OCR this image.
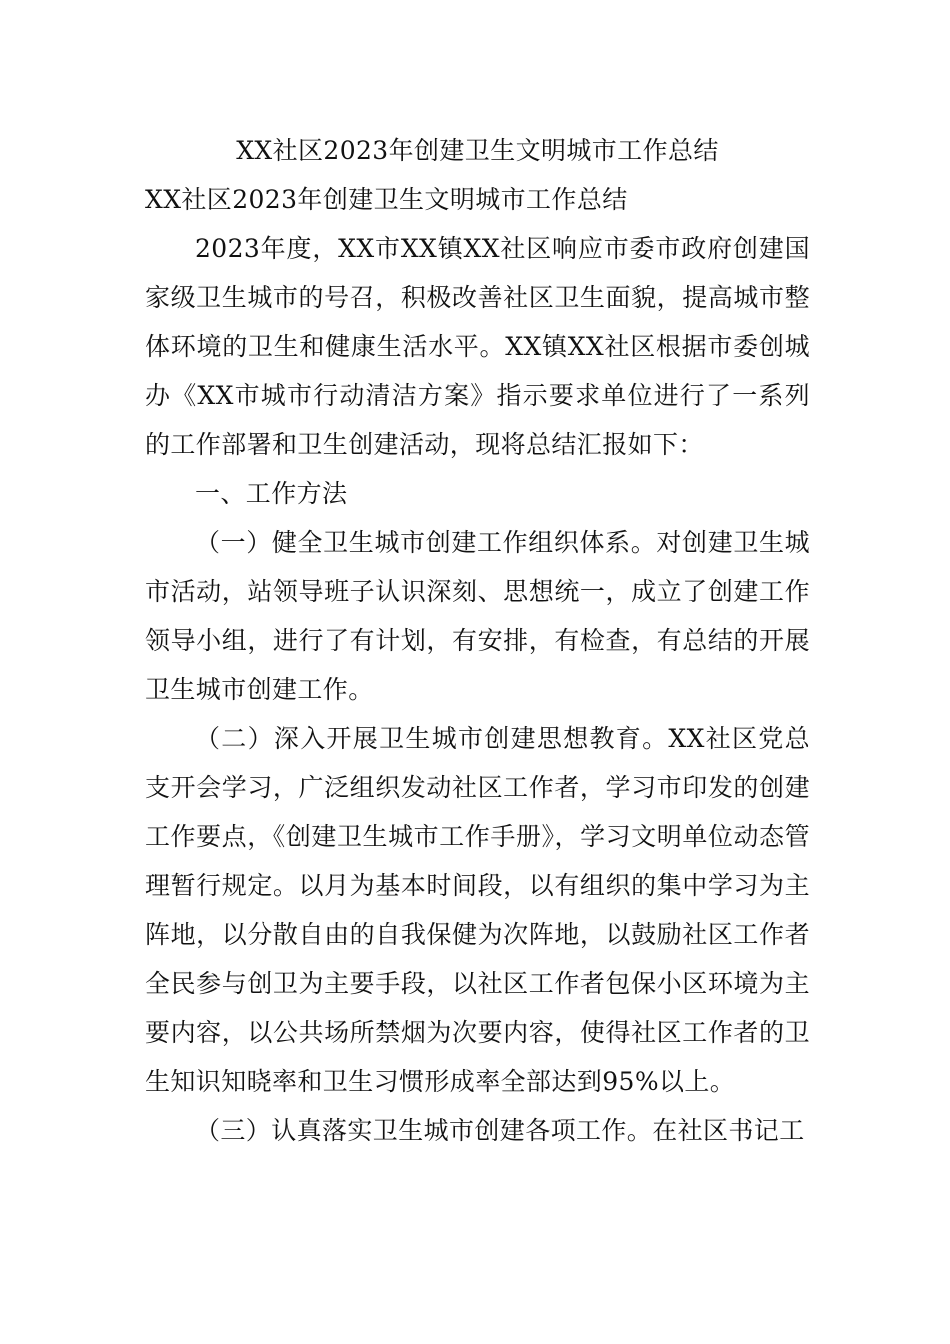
XX社区2023年创建卫生文明城市工作总结

XX社区2023年创建卫生文明城市工作总结

2023年度，XX市XX镇XX社区响应市委市政府创建国家级卫生城市的号召，积极改善社区卫生面貌，提高城市整体环境的卫生和健康生活水平。XX镇XX社区根据市委创城办《XX市城市行动清洁方案》指示要求单位进行了一系列的工作部署和卫生创建活动，现将总结汇报如下：

一、工作方法

（一）健全卫生城市创建工作组织体系。对创建卫生城市活动，站领导班子认识深刻、思想统一，成立了创建工作领导小组，进行了有计划，有安排，有检查，有总结的开展卫生城市创建工作。

（二）深入开展卫生城市创建思想教育。XX社区党总支开会学习，广泛组织发动社区工作者，学习市印发的创建工作要点，《创建卫生城市工作手册》，学习文明单位动态管理暂行规定。以月为基本时间段，以有组织的集中学习为主阵地，以分散自由的自我保健为次阵地，以鼓励社区工作者全民参与创卫为主要手段，以社区工作者包保小区环境为主要内容，以公共场所禁烟为次要内容，使得社区工作者的卫生知识知晓率和卫生习惯形成率全部达到95%以上。

（三）认真落实卫生城市创建各项工作。在社区书记工
